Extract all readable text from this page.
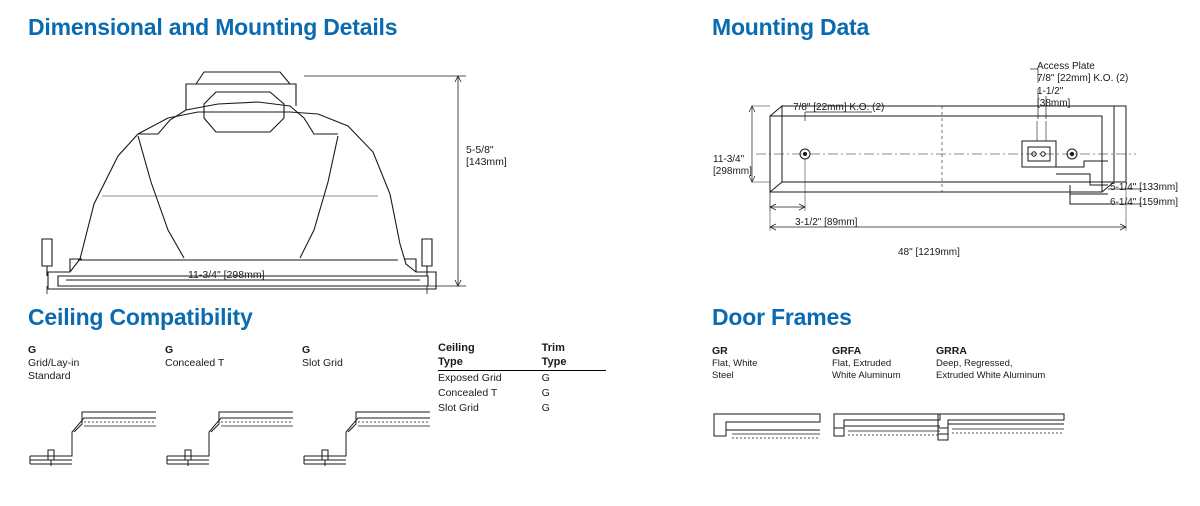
Dimensional and Mounting Details
5-5/8"
[143mm]
11-3/4" [298mm]
Mounting Data
Access Plate
7/8" [22mm] K.O. (2)
1-1/2"
[38mm]
7/8" [22mm] K.O. (2)
11-3/4"
[298mm]
3-1/2" [89mm]
48" [1219mm]
5-1/4" [133mm]
6-1/4" [159mm]
Ceiling Compatibility
G
Grid/Lay-in
Standard
G
Concealed T
G
Slot Grid
Ceiling	Trim
Type	Type
Exposed Grid	G
Concealed T	G
Slot Grid	G
Door Frames
GR
Flat, White
Steel
GRFA
Flat, Extruded
White Aluminum
GRRA
Deep, Regressed,
Extruded White Aluminum
